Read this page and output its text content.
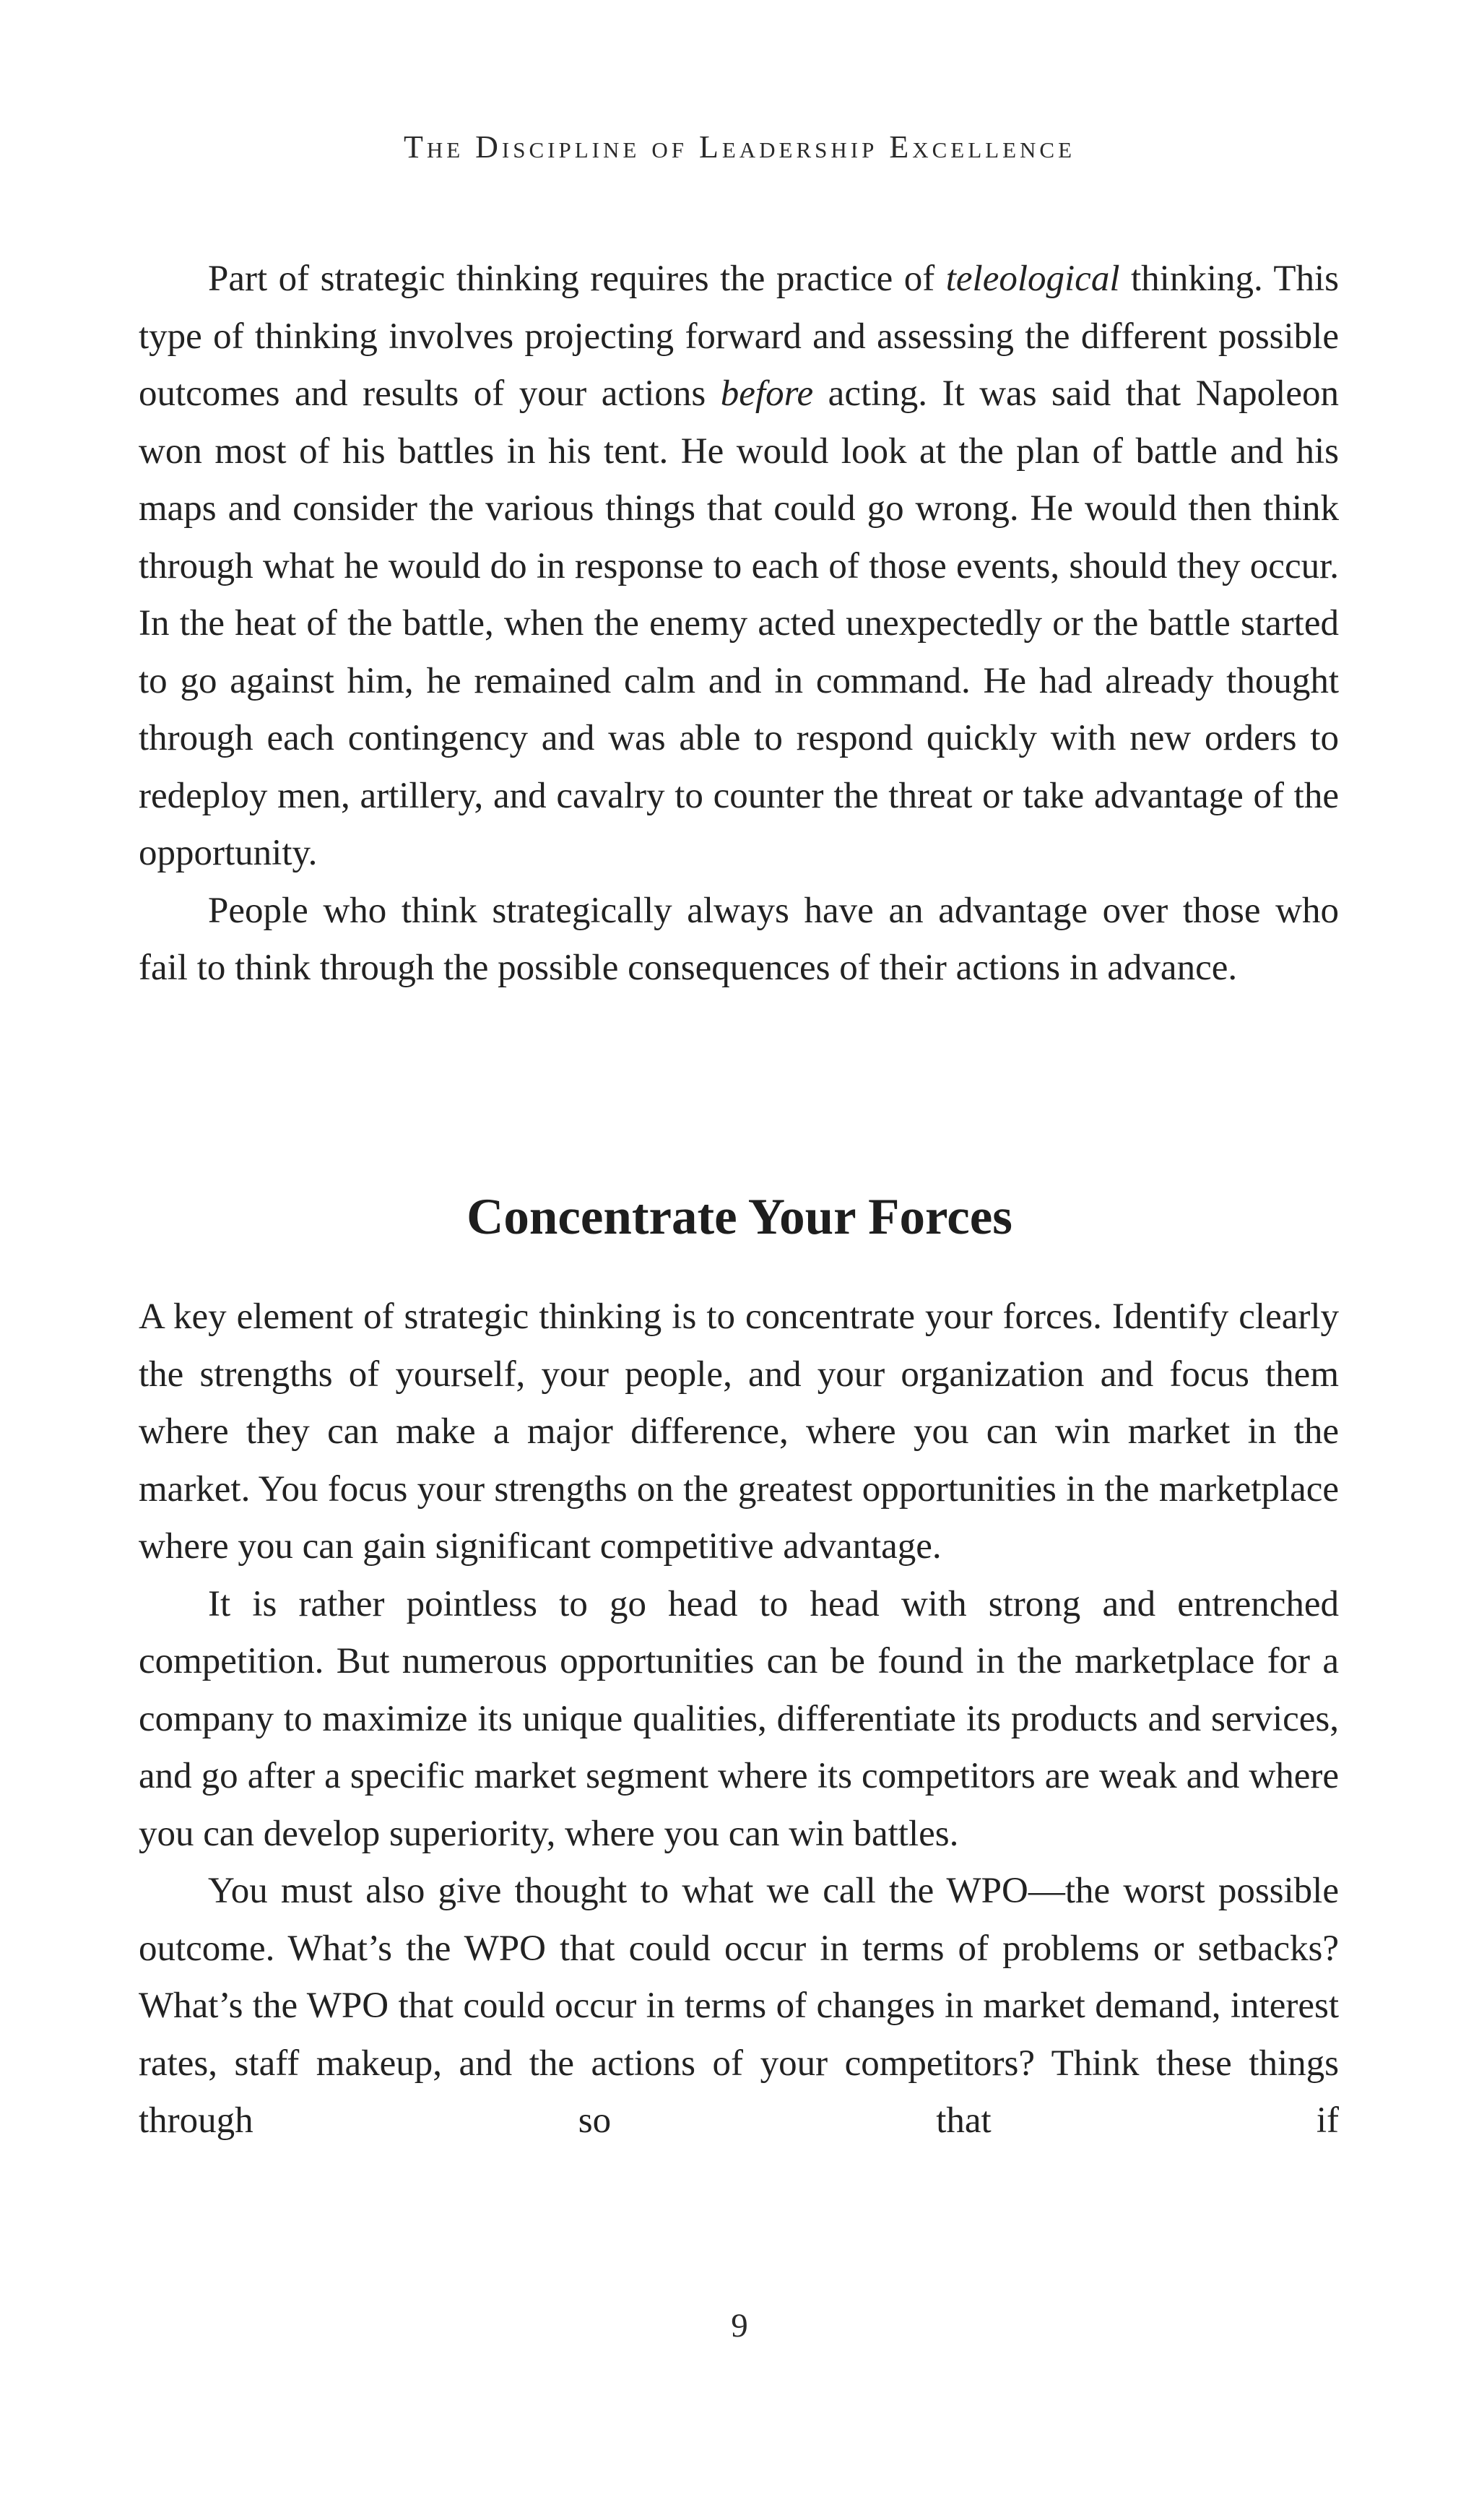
The Discipline of Leadership Excellence

Part of strategic thinking requires the practice of teleological thinking. This type of thinking involves projecting forward and assessing the different possible outcomes and results of your actions before acting. It was said that Napoleon won most of his battles in his tent. He would look at the plan of battle and his maps and consider the various things that could go wrong. He would then think through what he would do in response to each of those events, should they occur. In the heat of the battle, when the enemy acted unexpectedly or the battle started to go against him, he remained calm and in command. He had already thought through each contingency and was able to respond quickly with new orders to redeploy men, artillery, and cavalry to counter the threat or take advantage of the opportunity.

People who think strategically always have an advantage over those who fail to think through the possible consequences of their actions in advance.

Concentrate Your Forces

A key element of strategic thinking is to concentrate your forces. Identify clearly the strengths of yourself, your people, and your organization and focus them where they can make a major difference, where you can win market in the market. You focus your strengths on the greatest opportunities in the marketplace where you can gain significant competitive advantage.

It is rather pointless to go head to head with strong and entrenched competition. But numerous opportunities can be found in the marketplace for a company to maximize its unique qualities, differentiate its products and services, and go after a specific market segment where its competitors are weak and where you can develop superiority, where you can win battles.

You must also give thought to what we call the WPO—the worst possible outcome. What’s the WPO that could occur in terms of problems or setbacks? What’s the WPO that could occur in terms of changes in market demand, interest rates, staff makeup, and the actions of your competitors? Think these things through so that if

9
